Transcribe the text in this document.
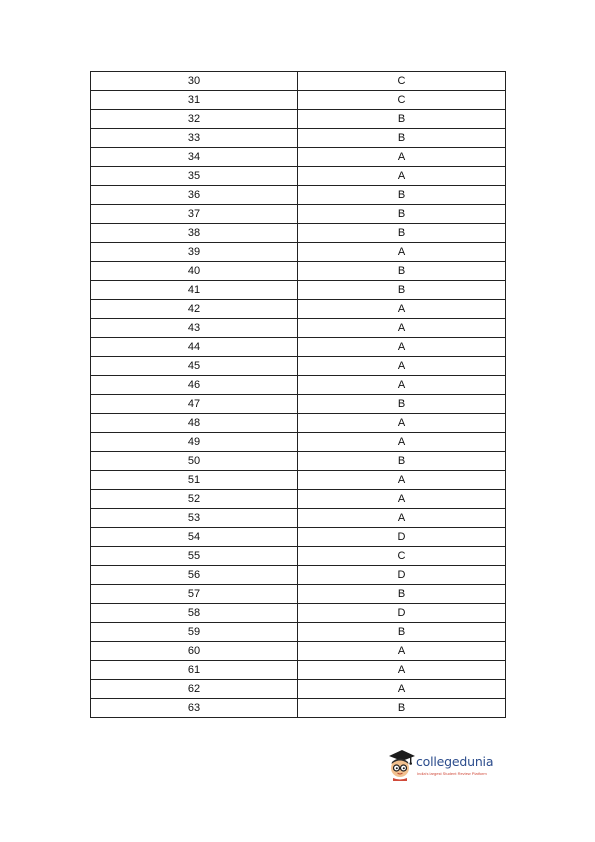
30	C
31	C
32	B
33	B
34	A
35	A
36	B
37	B
38	B
39	A
40	B
41	B
42	A
43	A
44	A
45	A
46	A
47	B
48	A
49	A
50	B
51	A
52	A
53	A
54	D
55	C
56	D
57	B
58	D
59	B
60	A
61	A
62	A
63	B
collegedunia
India's largest Student Review Platform
